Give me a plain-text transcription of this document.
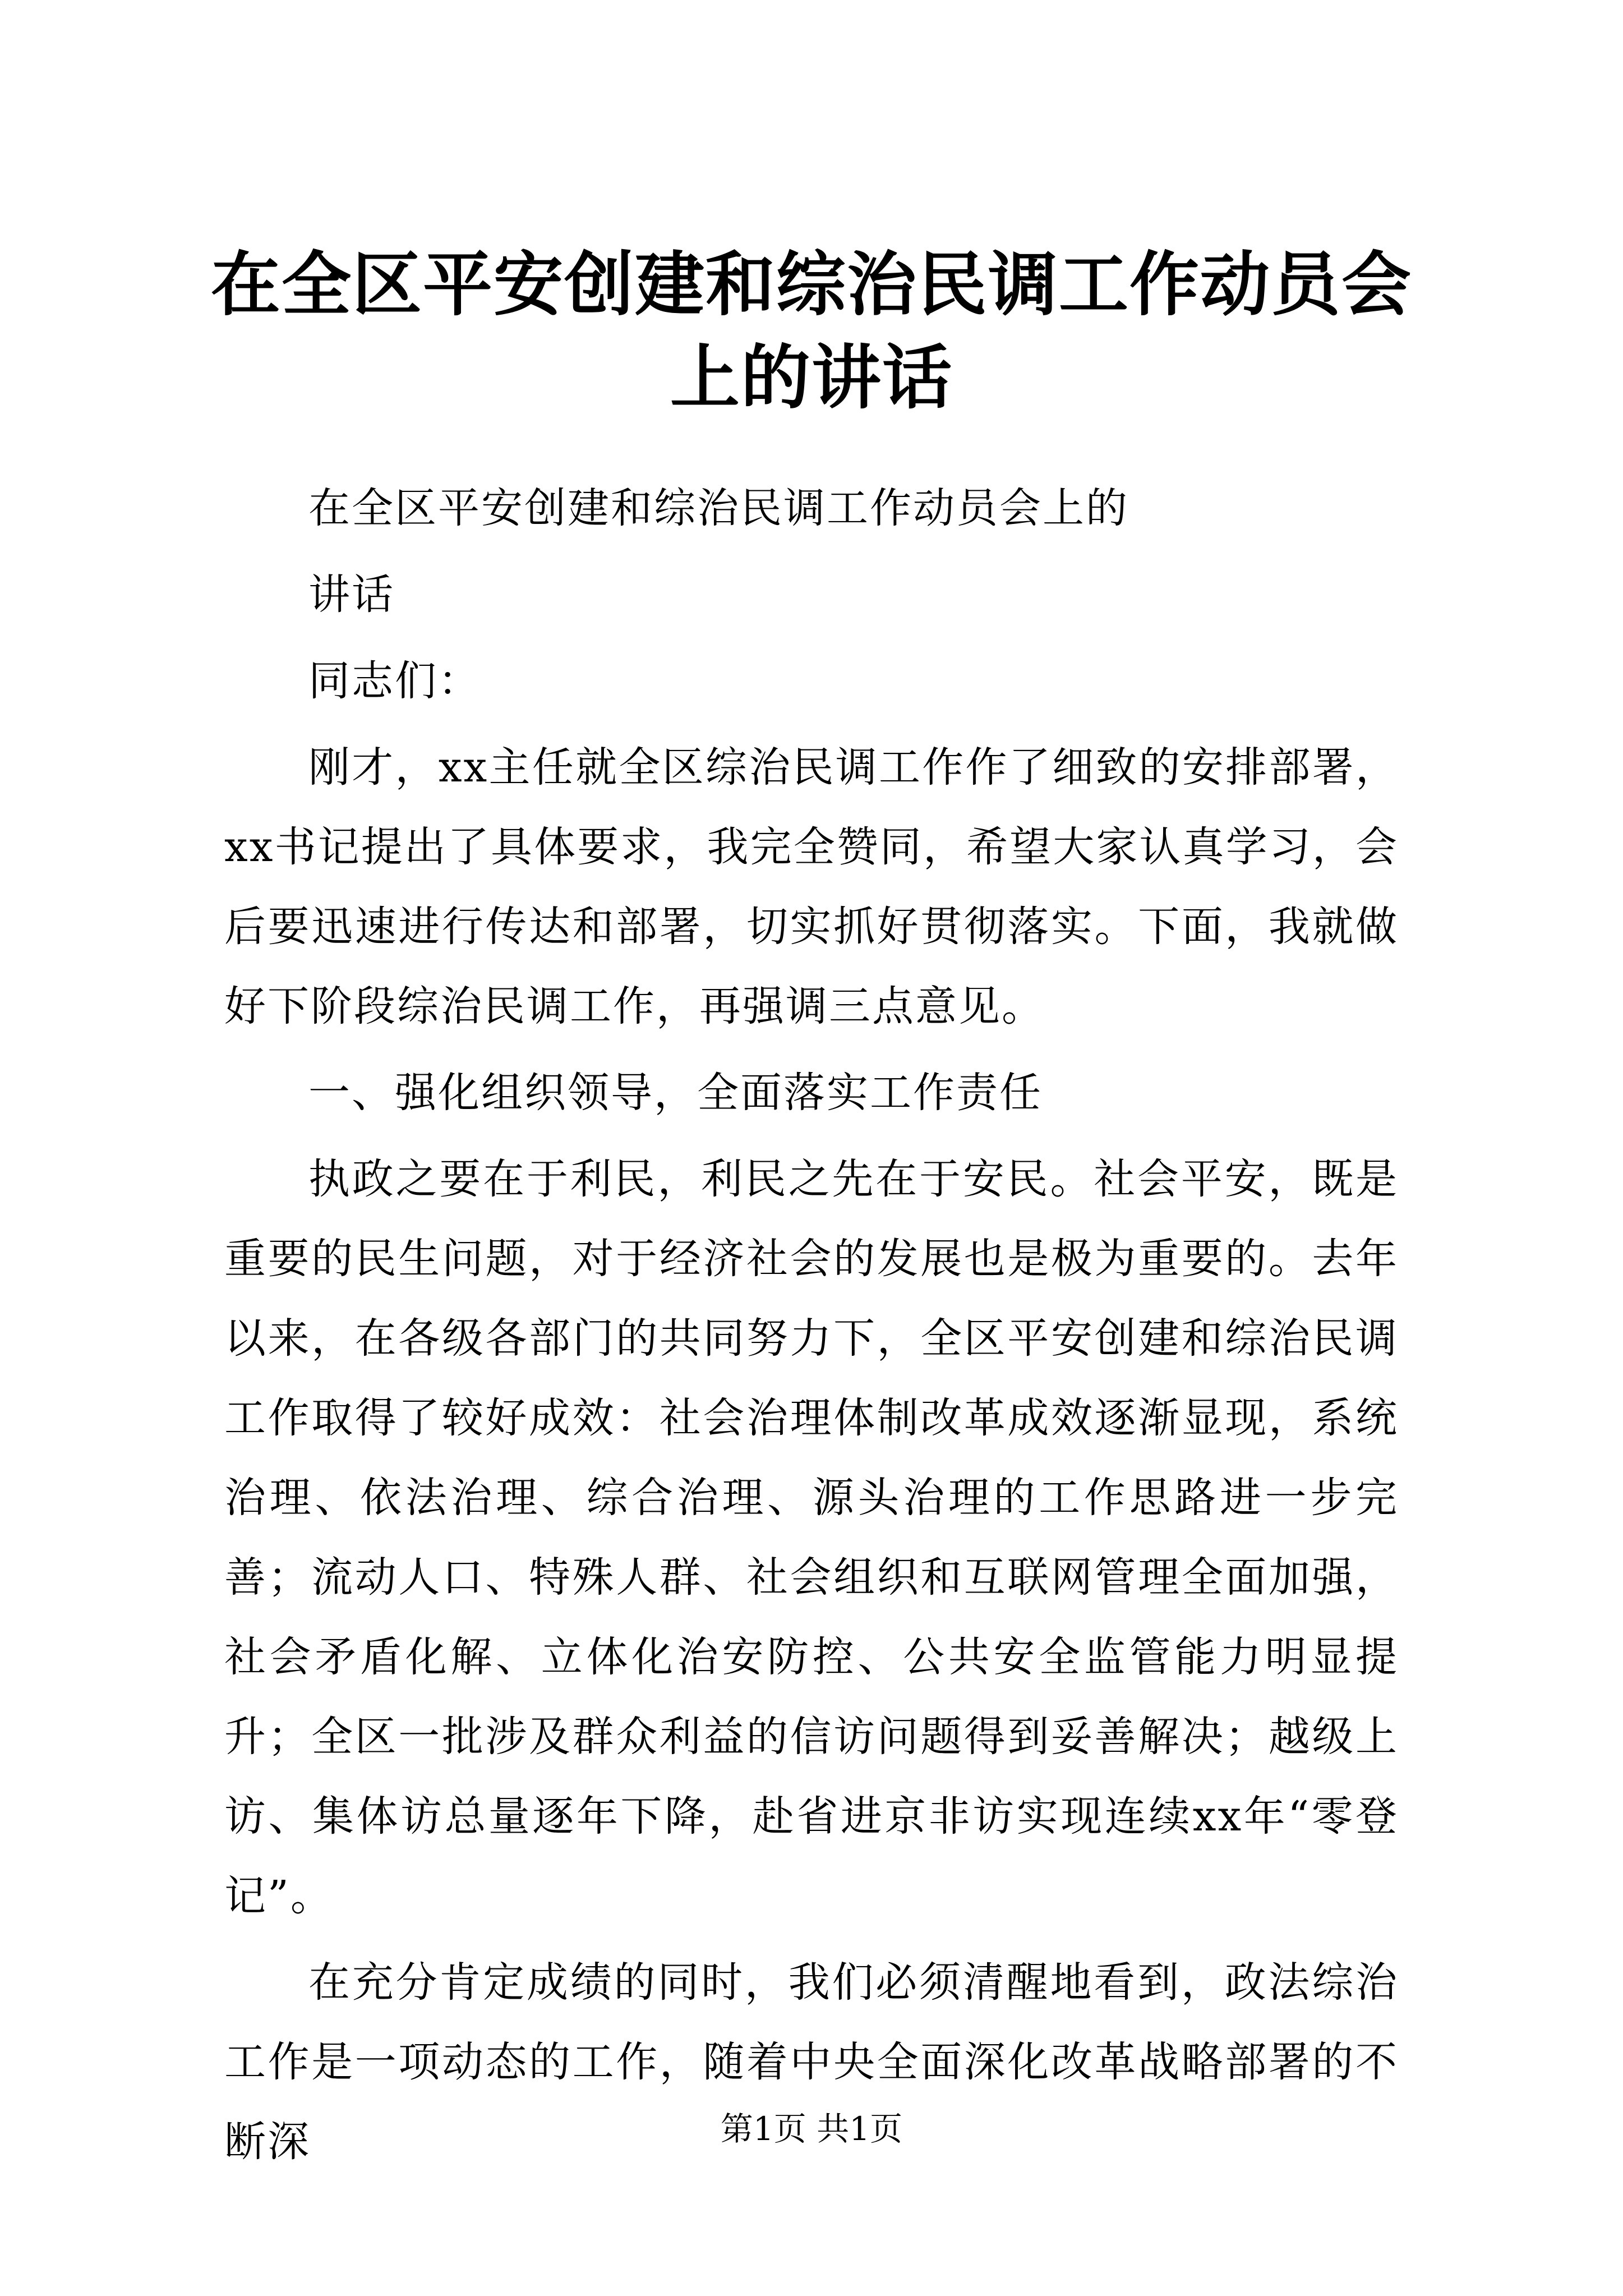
在全区平安创建和综治民调工作动员会上的讲话

在全区平安创建和综治民调工作动员会上的

讲话

同志们：

刚才，xx主任就全区综治民调工作作了细致的安排部署，xx书记提出了具体要求，我完全赞同，希望大家认真学习，会后要迅速进行传达和部署，切实抓好贯彻落实。下面，我就做好下阶段综治民调工作，再强调三点意见。

一、强化组织领导，全面落实工作责任

执政之要在于利民，利民之先在于安民。社会平安，既是重要的民生问题，对于经济社会的发展也是极为重要的。去年以来，在各级各部门的共同努力下，全区平安创建和综治民调工作取得了较好成效：社会治理体制改革成效逐渐显现，系统治理、依法治理、综合治理、源头治理的工作思路进一步完善；流动人口、特殊人群、社会组织和互联网管理全面加强，社会矛盾化解、立体化治安防控、公共安全监管能力明显提升；全区一批涉及群众利益的信访问题得到妥善解决；越级上访、集体访总量逐年下降，赴省进京非访实现连续xx年“零登记”。

在充分肯定成绩的同时，我们必须清醒地看到，政法综治工作是一项动态的工作，随着中央全面深化改革战略部署的不断深	第1页 共1页
